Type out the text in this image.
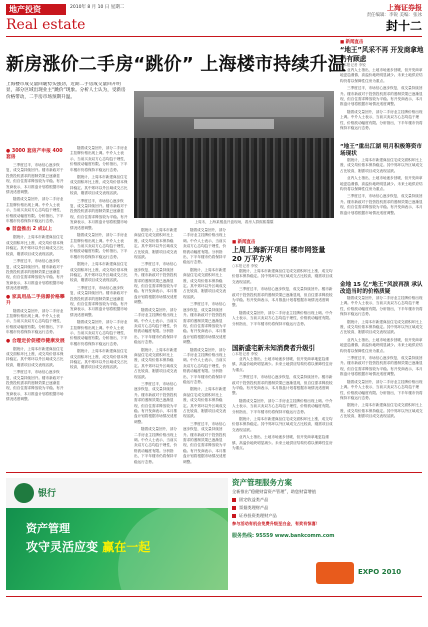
地产投资	2010年 8 月 10 日 星期二
Real estate
上海证券报
责任编辑：李锐 美编：张冰
封十二
新房涨价二手房“跳价” 上海楼市持续升温
上海楼市成交量回暖势头强劲，近期二手房成交量回升明显，部分区域出现业主“跳价”现象。分析人士认为，受新房价格带动，二手房市场预期升温。
● 3000 套房产申报 400 套房

三季度过半，市场信心逐步恢复，成交量持续回升。楼市新政对于投资投机需求的遏制效果已逐渐显现，但自住需求释放较为平稳。有开发商表示，本月推盘计划将根据市场情况适度调整。

随着成交量回升，部分二手房业主挂牌价格出现上调。中介人士表示，当前买卖双方心态均趋于理性，价格波动幅度有限。分析指出，下半年楼市仍将保持平稳运行态势。

● 首盘推出 2 成以上

据统计，上周本市新建商品住宅成交面积环比上涨，成交均价基本保持稳定。其中郊环以外区域成交占比较高，刚需项目成交表现活跃。

三季度过半，市场信心逐步恢复，成交量持续回升。楼市新政对于投资投机需求的遏制效果已逐渐显现，但自住需求释放较为平稳。有开发商表示，本月推盘计划将根据市场情况适度调整。

● 家具用品二手房源价格攀升

随着成交量回升，部分二手房业主挂牌价格出现上调。中介人士表示，当前买卖双方心态均趋于理性，价格波动幅度有限。分析指出，下半年楼市仍将保持平稳运行态势。

● 合理定价促楼市健康发展

据统计，上周本市新建商品住宅成交面积环比上涨，成交均价基本保持稳定。其中郊环以外区域成交占比较高，刚需项目成交表现活跃。

三季度过半，市场信心逐步恢复，成交量持续回升。楼市新政对于投资投机需求的遏制效果已逐渐显现，但自住需求释放较为平稳。有开发商表示，本月推盘计划将根据市场情况适度调整。

随着成交量回升，部分二手房业主挂牌价格出现上调。中介人士表示，当前买卖双方心态均趋于理性，价格波动幅度有限。分析指出，下半年楼市仍将保持平稳运行态势。

据统计，上周本市新建商品住宅成交面积环比上涨，成交均价基本保持稳定。其中郊环以外区域成交占比较高，刚需项目成交表现活跃。

三季度过半，市场信心逐步恢复，成交量持续回升。楼市新政对于投资投机需求的遏制效果已逐渐显现，但自住需求释放较为平稳。有开发商表示，本月推盘计划将根据市场情况适度调整。

随着成交量回升，部分二手房业主挂牌价格出现上调。中介人士表示，当前买卖双方心态均趋于理性，价格波动幅度有限。分析指出，下半年楼市仍将保持平稳运行态势。

据统计，上周本市新建商品住宅成交面积环比上涨，成交均价基本保持稳定。其中郊环以外区域成交占比较高，刚需项目成交表现活跃。

三季度过半，市场信心逐步恢复，成交量持续回升。楼市新政对于投资投机需求的遏制效果已逐渐显现，但自住需求释放较为平稳。有开发商表示，本月推盘计划将根据市场情况适度调整。

随着成交量回升，部分二手房业主挂牌价格出现上调。中介人士表示，当前买卖双方心态均趋于理性，价格波动幅度有限。分析指出，下半年楼市仍将保持平稳运行态势。

据统计，上周本市新建商品住宅成交面积环比上涨，成交均价基本保持稳定。其中郊环以外区域成交占比较高，刚需项目成交表现活跃。

上周末，上海某楼盘开盘现场，看房人群熙熙攘攘

据统计，上周本市新建商品住宅成交面积环比上涨，成交均价基本保持稳定。其中郊环以外区域成交占比较高，刚需项目成交表现活跃。

三季度过半，市场信心逐步恢复，成交量持续回升。楼市新政对于投资投机需求的遏制效果已逐渐显现，但自住需求释放较为平稳。有开发商表示，本月推盘计划将根据市场情况适度调整。

随着成交量回升，部分二手房业主挂牌价格出现上调。中介人士表示，当前买卖双方心态均趋于理性，价格波动幅度有限。分析指出，下半年楼市仍将保持平稳运行态势。

据统计，上周本市新建商品住宅成交面积环比上涨，成交均价基本保持稳定。其中郊环以外区域成交占比较高，刚需项目成交表现活跃。

三季度过半，市场信心逐步恢复，成交量持续回升。楼市新政对于投资投机需求的遏制效果已逐渐显现，但自住需求释放较为平稳。有开发商表示，本月推盘计划将根据市场情况适度调整。

随着成交量回升，部分二手房业主挂牌价格出现上调。中介人士表示，当前买卖双方心态均趋于理性，价格波动幅度有限。分析指出，下半年楼市仍将保持平稳运行态势。

随着成交量回升，部分二手房业主挂牌价格出现上调。中介人士表示，当前买卖双方心态均趋于理性，价格波动幅度有限。分析指出，下半年楼市仍将保持平稳运行态势。

据统计，上周本市新建商品住宅成交面积环比上涨，成交均价基本保持稳定。其中郊环以外区域成交占比较高，刚需项目成交表现活跃。

三季度过半，市场信心逐步恢复，成交量持续回升。楼市新政对于投资投机需求的遏制效果已逐渐显现，但自住需求释放较为平稳。有开发商表示，本月推盘计划将根据市场情况适度调整。

随着成交量回升，部分二手房业主挂牌价格出现上调。中介人士表示，当前买卖双方心态均趋于理性，价格波动幅度有限。分析指出，下半年楼市仍将保持平稳运行态势。

据统计，上周本市新建商品住宅成交面积环比上涨，成交均价基本保持稳定。其中郊环以外区域成交占比较高，刚需项目成交表现活跃。

三季度过半，市场信心逐步恢复，成交量持续回升。楼市新政对于投资投机需求的遏制效果已逐渐显现，但自住需求释放较为平稳。有开发商表示，本月推盘计划将根据市场情况适度调整。

■ 新闻直击
上周上海新开项目 楼市网签量 20 万平方米
○本报记者 李锐

据统计，上周本市新建商品住宅成交面积环比上涨，成交均价基本保持稳定。其中郊环以外区域成交占比较高，刚需项目成交表现活跃。

三季度过半，市场信心逐步恢复，成交量持续回升。楼市新政对于投资投机需求的遏制效果已逐渐显现，但自住需求释放较为平稳。有开发商表示，本月推盘计划将根据市场情况适度调整。

随着成交量回升，部分二手房业主挂牌价格出现上调。中介人士表示，当前买卖双方心态均趋于理性，价格波动幅度有限。分析指出，下半年楼市仍将保持平稳运行态势。

国新盛宅新未知消费者升级引
○本报记者 李锐

业内人士指出，土地市场逐步回暖，但开发商拿地更趋谨慎，高溢价地块明显减少。未来土地供应结构仍将以保障性住房为重点。

三季度过半，市场信心逐步恢复，成交量持续回升。楼市新政对于投资投机需求的遏制效果已逐渐显现，但自住需求释放较为平稳。有开发商表示，本月推盘计划将根据市场情况适度调整。

随着成交量回升，部分二手房业主挂牌价格出现上调。中介人士表示，当前买卖双方心态均趋于理性，价格波动幅度有限。分析指出，下半年楼市仍将保持平稳运行态势。

据统计，上周本市新建商品住宅成交面积环比上涨，成交均价基本保持稳定。其中郊环以外区域成交占比较高，刚需项目成交表现活跃。

业内人士指出，土地市场逐步回暖，但开发商拿地更趋谨慎，高溢价地块明显减少。未来土地供应结构仍将以保障性住房为重点。

■ 新闻直击
“地王”风采不再 开发商拿地仍有顾虑
○本报记者 李锐

业内人士指出，土地市场逐步回暖，但开发商拿地更趋谨慎，高溢价地块明显减少。未来土地供应结构仍将以保障性住房为重点。

三季度过半，市场信心逐步恢复，成交量持续回升。楼市新政对于投资投机需求的遏制效果已逐渐显现，但自住需求释放较为平稳。有开发商表示，本月推盘计划将根据市场情况适度调整。

随着成交量回升，部分二手房业主挂牌价格出现上调。中介人士表示，当前买卖双方心态均趋于理性，价格波动幅度有限。分析指出，下半年楼市仍将保持平稳运行态势。

“地王”重出江湖 明月积极筹资市场现状

据统计，上周本市新建商品住宅成交面积环比上涨，成交均价基本保持稳定。其中郊环以外区域成交占比较高，刚需项目成交表现活跃。

业内人士指出，土地市场逐步回暖，但开发商拿地更趋谨慎，高溢价地块明显减少。未来土地供应结构仍将以保障性住房为重点。

三季度过半，市场信心逐步恢复，成交量持续回升。楼市新政对于投资投机需求的遏制效果已逐渐显现，但自住需求释放较为平稳。有开发商表示，本月推盘计划将根据市场情况适度调整。

金地 15 亿“地王”风波再演 承认改造当时的价格质疑

随着成交量回升，部分二手房业主挂牌价格出现上调。中介人士表示，当前买卖双方心态均趋于理性，价格波动幅度有限。分析指出，下半年楼市仍将保持平稳运行态势。

据统计，上周本市新建商品住宅成交面积环比上涨，成交均价基本保持稳定。其中郊环以外区域成交占比较高，刚需项目成交表现活跃。

业内人士指出，土地市场逐步回暖，但开发商拿地更趋谨慎，高溢价地块明显减少。未来土地供应结构仍将以保障性住房为重点。

三季度过半，市场信心逐步恢复，成交量持续回升。楼市新政对于投资投机需求的遏制效果已逐渐显现，但自住需求释放较为平稳。有开发商表示，本月推盘计划将根据市场情况适度调整。

随着成交量回升，部分二手房业主挂牌价格出现上调。中介人士表示，当前买卖双方心态均趋于理性，价格波动幅度有限。分析指出，下半年楼市仍将保持平稳运行态势。

据统计，上周本市新建商品住宅成交面积环比上涨，成交均价基本保持稳定。其中郊环以外区域成交占比较高，刚需项目成交表现活跃。

银行
资产管理
攻守灵活应变 赢在一起
资产管理服务方案
全新推出“稳健财富资产管理”，助您财富增值
固定收益类产品
票据类理财产品
证券投资类理财产品
参与活动有机会免费升级至白金，有奖有惊喜！
服务热线: 95559 www.bankcomm.com
EXPO 2010
